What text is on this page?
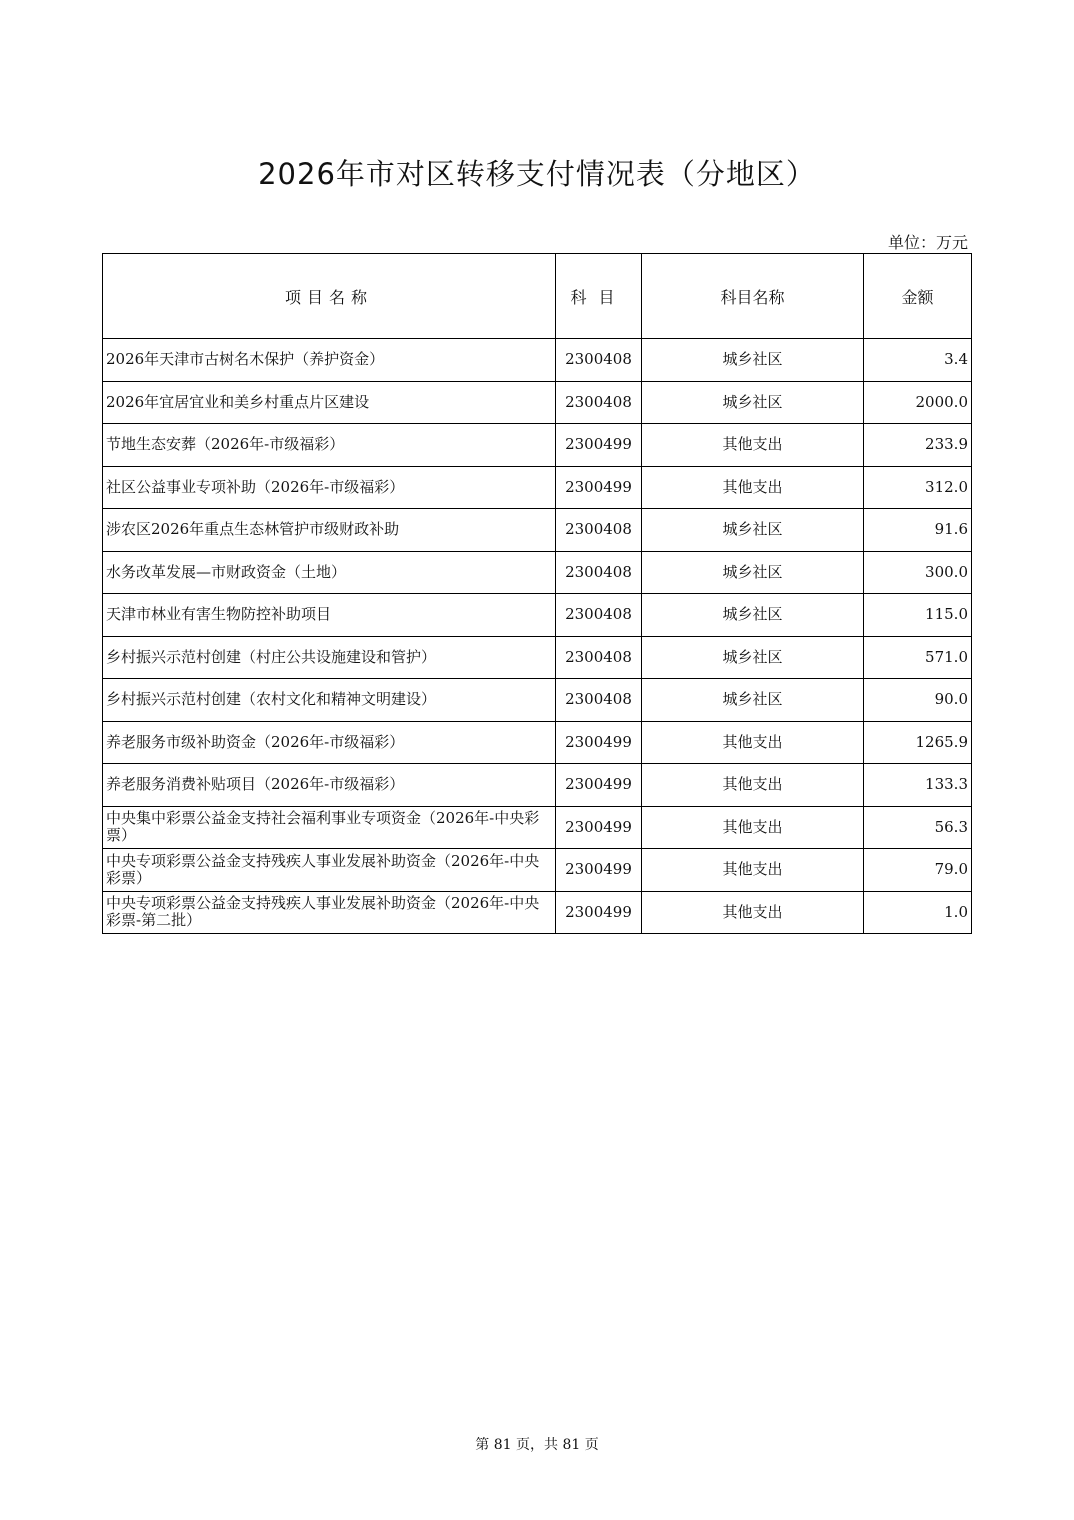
2026年市对区转移支付情况表（分地区）
单位：万元
项目名称	科目	科目名称	金额
2026年天津市古树名木保护（养护资金）	2300408	城乡社区	3.4
2026年宜居宜业和美乡村重点片区建设	2300408	城乡社区	2000.0
节地生态安葬（2026年-市级福彩）	2300499	其他支出	233.9
社区公益事业专项补助（2026年-市级福彩）	2300499	其他支出	312.0
涉农区2026年重点生态林管护市级财政补助	2300408	城乡社区	91.6
水务改革发展—市财政资金（土地）	2300408	城乡社区	300.0
天津市林业有害生物防控补助项目	2300408	城乡社区	115.0
乡村振兴示范村创建（村庄公共设施建设和管护）	2300408	城乡社区	571.0
乡村振兴示范村创建（农村文化和精神文明建设）	2300408	城乡社区	90.0
养老服务市级补助资金（2026年-市级福彩）	2300499	其他支出	1265.9
养老服务消费补贴项目（2026年-市级福彩）	2300499	其他支出	133.3
中央集中彩票公益金支持社会福利事业专项资金（2026年-中央彩票）	2300499	其他支出	56.3
中央专项彩票公益金支持残疾人事业发展补助资金（2026年-中央彩票）	2300499	其他支出	79.0
中央专项彩票公益金支持残疾人事业发展补助资金（2026年-中央彩票-第二批）	2300499	其他支出	1.0
第 81 页，共 81 页
